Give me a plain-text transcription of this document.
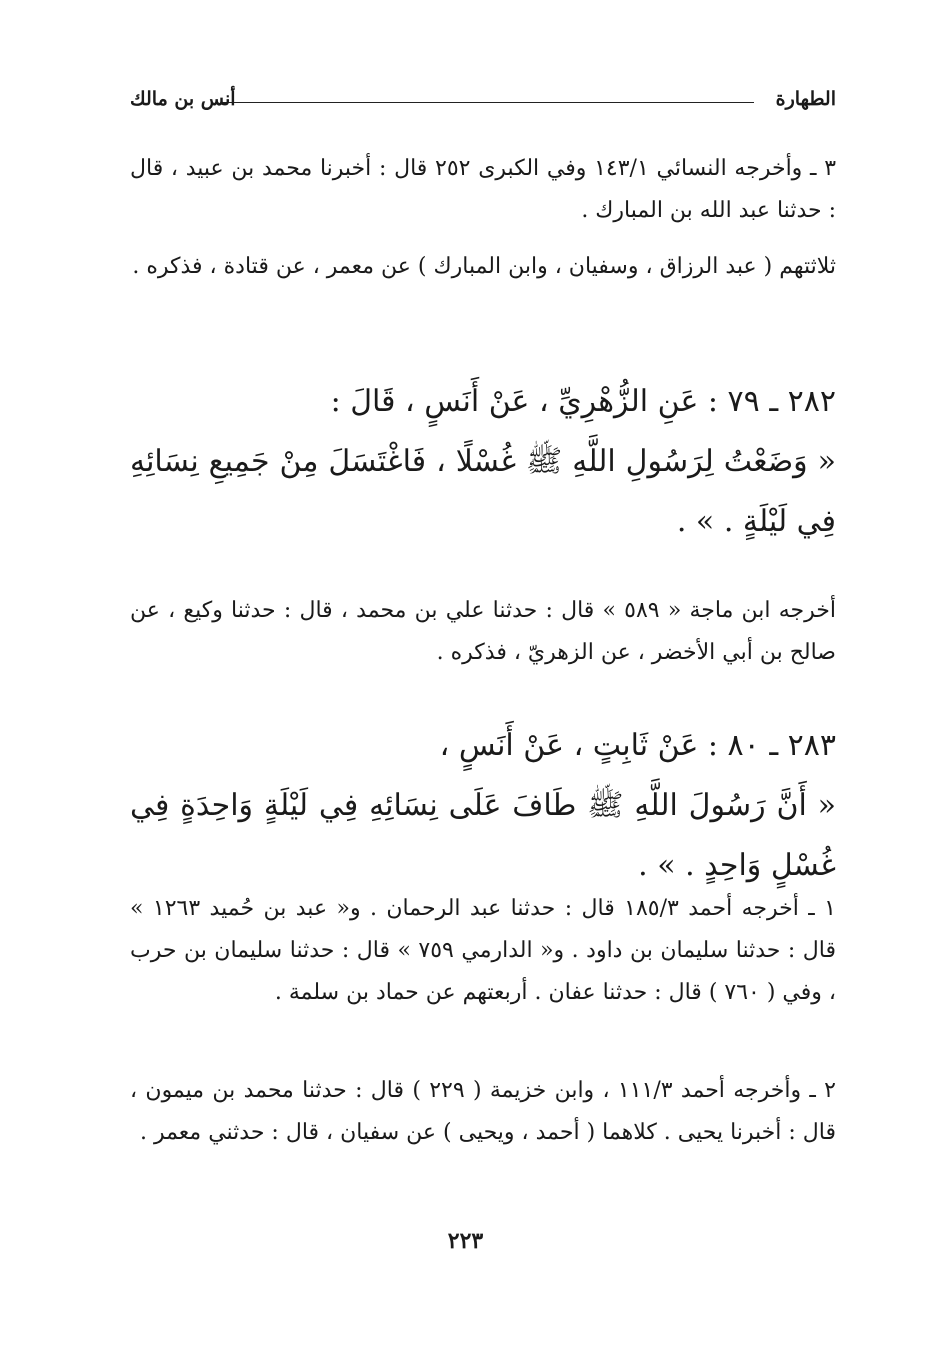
الطهارة
أنس بن مالك

٣ ـ وأخرجه النسائي ١٤٣/١ وفي الكبرى ٢٥٢ قال : أخبرنا محمد بن عبيد ، قال : حدثنا عبد الله بن المبارك .

ثلاثتهم ( عبد الرزاق ، وسفيان ، وابن المبارك ) عن معمر ، عن قتادة ، فذكره .

٢٨٢ ـ ٧٩ : عَنِ الزُّهْرِيِّ ، عَنْ أَنَسٍ ، قَالَ :

« وَضَعْتُ لِرَسُولِ اللَّهِ ﷺ غُسْلًا ، فَاغْتَسَلَ مِنْ جَمِيعِ نِسَائِهِ فِي لَيْلَةٍ . » .

أخرجه ابن ماجة « ٥٨٩ » قال : حدثنا علي بن محمد ، قال : حدثنا وكيع ، عن صالح بن أبي الأخضر ، عن الزهريّ ، فذكره .

٢٨٣ ـ ٨٠ : عَنْ ثَابِتٍ ، عَنْ أَنَسٍ ،

« أَنَّ رَسُولَ اللَّهِ ﷺ طَافَ عَلَى نِسَائِهِ فِي لَيْلَةٍ وَاحِدَةٍ فِي غُسْلٍ وَاحِدٍ . » .

١ ـ أخرجه أحمد ١٨٥/٣ قال : حدثنا عبد الرحمان . و« عبد بن حُميد ١٢٦٣ » قال : حدثنا سليمان بن داود . و« الدارمي ٧٥٩ » قال : حدثنا سليمان بن حرب ، وفي ( ٧٦٠ ) قال : حدثنا عفان . أربعتهم عن حماد بن سلمة .

٢ ـ وأخرجه أحمد ١١١/٣ ، وابن خزيمة ( ٢٢٩ ) قال : حدثنا محمد بن ميمون ، قال : أخبرنا يحيى . كلاهما ( أحمد ، ويحيى ) عن سفيان ، قال : حدثني معمر .

٢٢٣
